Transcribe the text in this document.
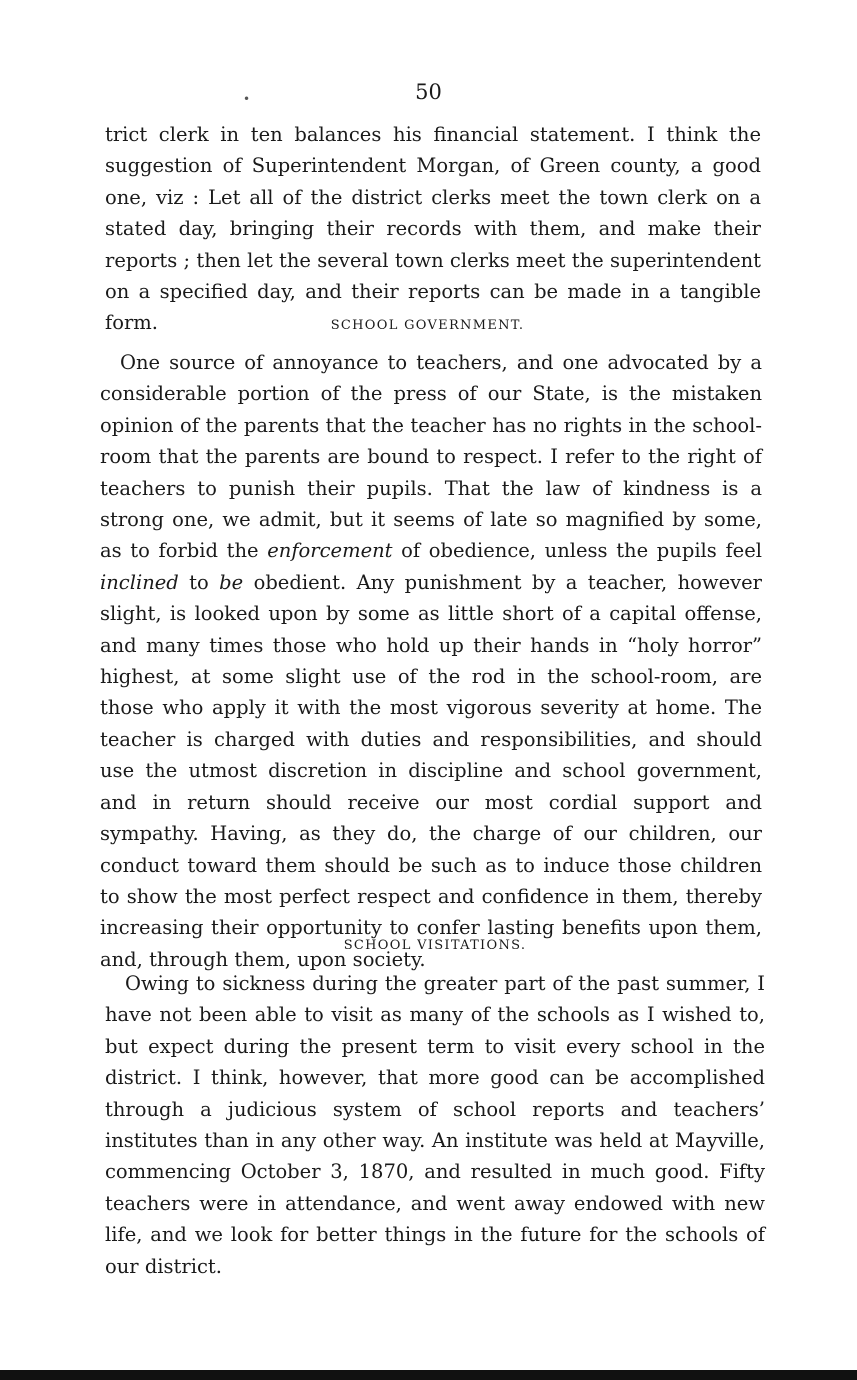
50
•
trict clerk in ten balances his financial statement. I think the suggestion of Superintendent Morgan, of Green county, a good one, viz : Let all of the district clerks meet the town clerk on a stated day, bringing their records with them, and make their reports ; then let the several town clerks meet the superintendent on a specified day, and their reports can be made in a tangible form.	SCHOOL GOVERNMENT.
One source of annoyance to teachers, and one advocated by a considerable portion of the press of our State, is the mistaken opinion of the parents that the teacher has no rights in the school-room that the parents are bound to respect. I refer to the right of teachers to punish their pupils. That the law of kindness is a strong one, we admit, but it seems of late so magnified by some, as to forbid the enforcement of obedience, unless the pupils feel inclined to be obedient. Any punishment by a teacher, however slight, is looked upon by some as little short of a capital offense, and many times those who hold up their hands in “holy horror” highest, at some slight use of the rod in the school-room, are those who apply it with the most vigorous severity at home. The teacher is charged with duties and responsibilities, and should use the utmost discretion in discipline and school government, and in return should receive our most cordial support and sympathy. Having, as they do, the charge of our children, our conduct toward them should be such as to induce those children to show the most perfect respect and confidence in them, thereby increasing their opportunity to confer lasting benefits upon them, and, through them, upon society.
SCHOOL VISITATIONS.
Owing to sickness during the greater part of the past summer, I have not been able to visit as many of the schools as I wished to, but expect during the present term to visit every school in the district. I think, however, that more good can be accomplished through a judicious system of school reports and teachers’ institutes than in any other way. An institute was held at Mayville, commencing October 3, 1870, and resulted in much good. Fifty teachers were in attendance, and went away endowed with new life, and we look for better things in the future for the schools of our district.
